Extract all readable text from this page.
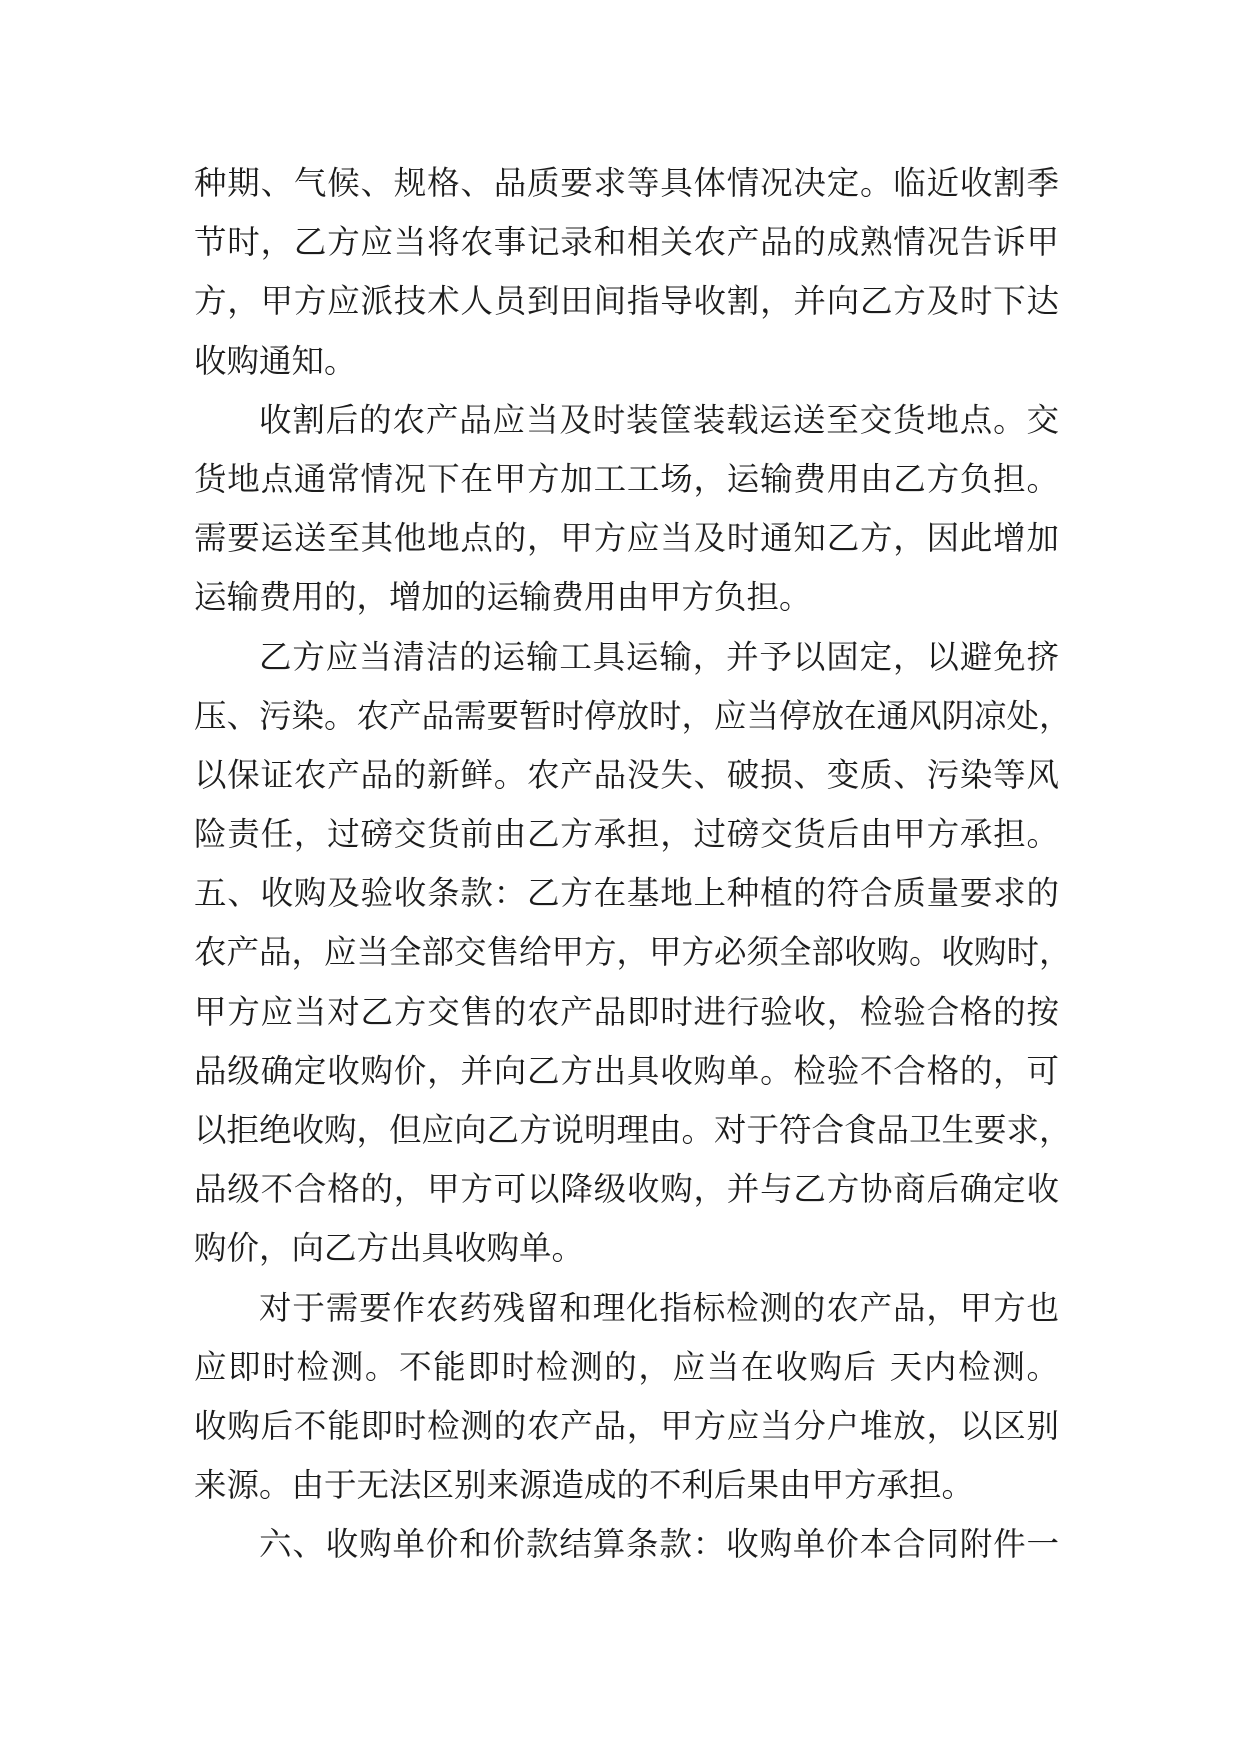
种期、气候、规格、品质要求等具体情况决定。临近收割季
节时，乙方应当将农事记录和相关农产品的成熟情况告诉甲
方，甲方应派技术人员到田间指导收割，并向乙方及时下达
收购通知。
收割后的农产品应当及时装筐装载运送至交货地点。交
货地点通常情况下在甲方加工工场，运输费用由乙方负担。
需要运送至其他地点的，甲方应当及时通知乙方，因此增加
运输费用的，增加的运输费用由甲方负担。
乙方应当清洁的运输工具运输，并予以固定，以避免挤
压、污染。农产品需要暂时停放时，应当停放在通风阴凉处，
以保证农产品的新鲜。农产品没失、破损、变质、污染等风
险责任，过磅交货前由乙方承担，过磅交货后由甲方承担。
五、收购及验收条款：乙方在基地上种植的符合质量要求的
农产品，应当全部交售给甲方，甲方必须全部收购。收购时，
甲方应当对乙方交售的农产品即时进行验收，检验合格的按
品级确定收购价，并向乙方出具收购单。检验不合格的，可
以拒绝收购，但应向乙方说明理由。对于符合食品卫生要求，
品级不合格的，甲方可以降级收购，并与乙方协商后确定收
购价，向乙方出具收购单。
对于需要作农药残留和理化指标检测的农产品，甲方也
应即时检测。不能即时检测的，应当在收购后 天内检测。
收购后不能即时检测的农产品，甲方应当分户堆放，以区别
来源。由于无法区别来源造成的不利后果由甲方承担。
六、收购单价和价款结算条款：收购单价本合同附件一
